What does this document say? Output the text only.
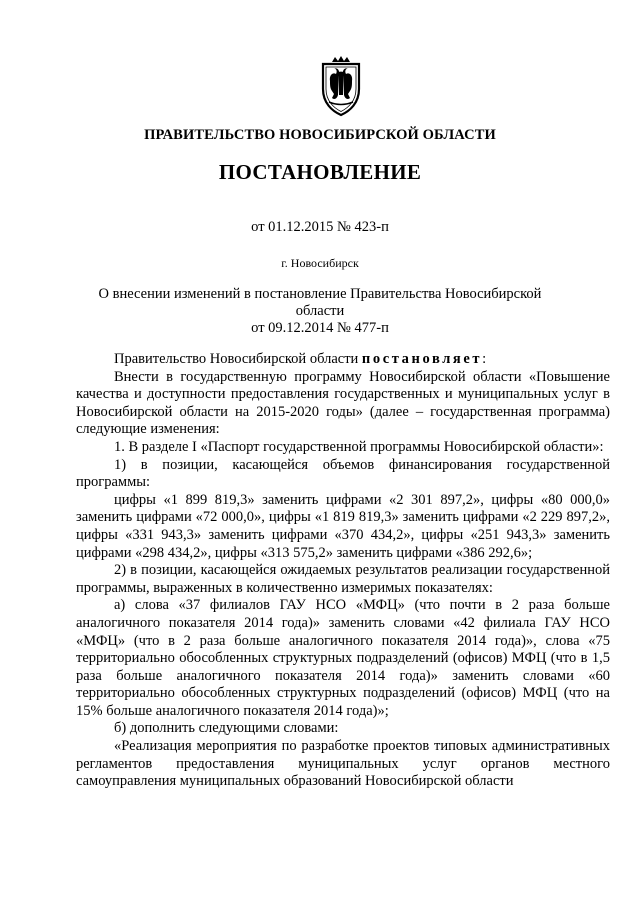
ПРАВИТЕЛЬСТВО НОВОСИБИРСКОЙ ОБЛАСТИ
ПОСТАНОВЛЕНИЕ
от 01.12.2015 № 423-п
г. Новосибирск
О внесении изменений в постановление Правительства Новосибирской области
от 09.12.2014 № 477-п

Правительство Новосибирской области постановляет:

Внести в государственную программу Новосибирской области «Повышение качества и доступности предоставления государственных и муниципальных услуг в Новосибирской области на 2015-2020 годы» (далее – государственная программа) следующие изменения:

1. В разделе I «Паспорт государственной программы Новосибирской области»:

1) в позиции, касающейся объемов финансирования государственной программы:

цифры «1 899 819,3» заменить цифрами «2 301 897,2», цифры «80 000,0» заменить цифрами «72 000,0», цифры «1 819 819,3» заменить цифрами «2 229 897,2», цифры «331 943,3» заменить цифрами «370 434,2», цифры «251 943,3» заменить цифрами «298 434,2», цифры «313 575,2» заменить цифрами «386 292,6»;

2) в позиции, касающейся ожидаемых результатов реализации государственной программы, выраженных в количественно измеримых показателях:

а) слова «37 филиалов ГАУ НСО «МФЦ» (что почти в 2 раза больше аналогичного показателя 2014 года)» заменить словами «42 филиала ГАУ НСО «МФЦ» (что в 2 раза больше аналогичного показателя 2014 года)», слова «75 территориально обособленных структурных подразделений (офисов) МФЦ (что в 1,5 раза больше аналогичного показателя 2014 года)» заменить словами «60 территориально обособленных структурных подразделений (офисов) МФЦ (что на 15% больше аналогичного показателя 2014 года)»;

б) дополнить следующими словами:

«Реализация мероприятия по разработке проектов типовых административных регламентов предоставления муниципальных услуг органов местного самоуправления муниципальных образований Новосибирской области
